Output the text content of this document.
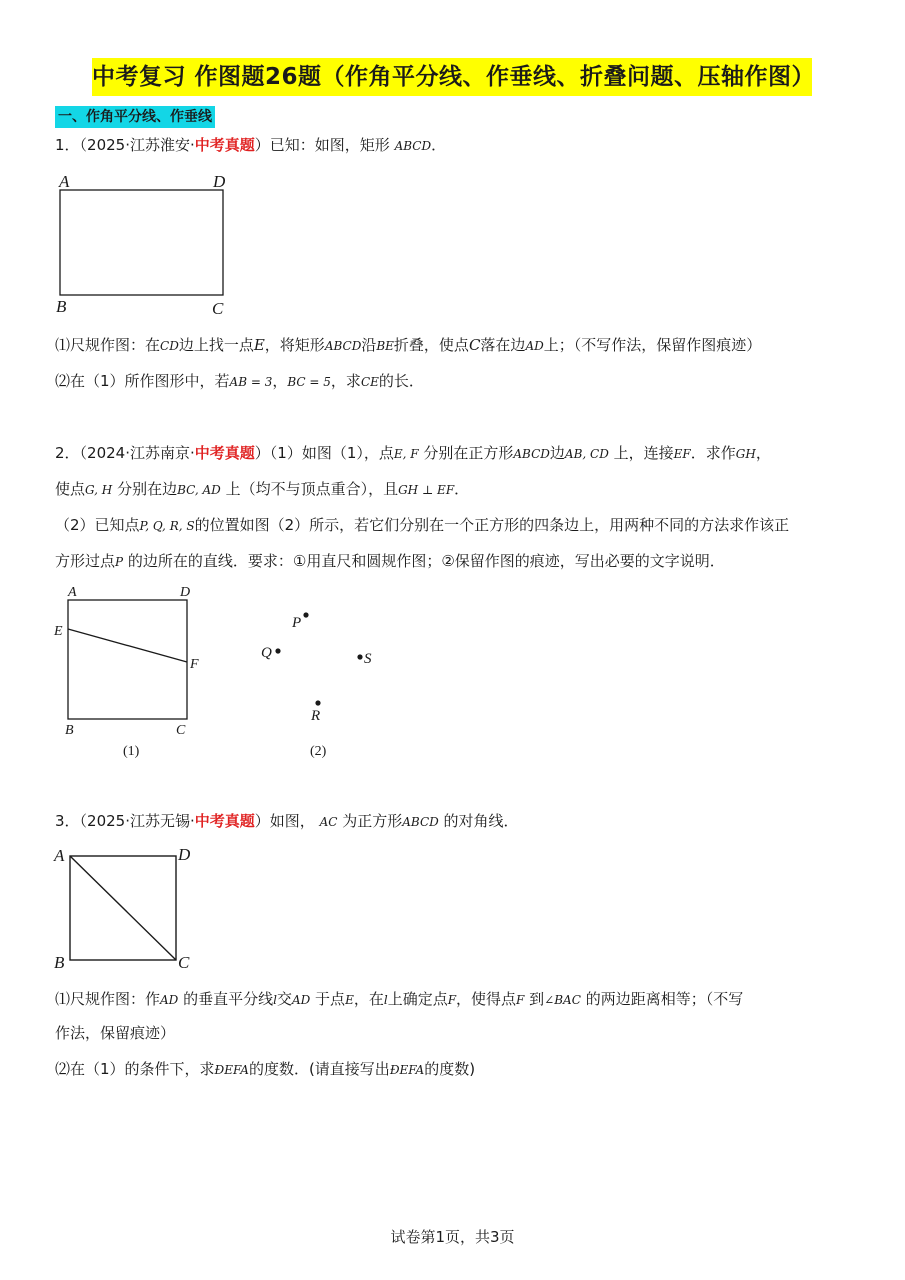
中考复习 作图题26题（作角平分线、作垂线、折叠问题、压轴作图）
一、作角平分线、作垂线
1．（2025·江苏淮安·中考真题）已知：如图，矩形 ABCD．
A	D
B	C
⑴尺规作图：在CD边上找一点E，将矩形ABCD沿BE折叠，使点C落在边AD上；（不写作法，保留作图痕迹）
⑵在（1）所作图形中，若AB = 3，BC = 5，求CE的长．
2．（2024·江苏南京·中考真题）（1）如图（1），点E, F 分别在正方形ABCD边AB, CD 上，连接EF．求作GH，
使点G, H 分别在边BC, AD 上（均不与顶点重合），且GH ⊥ EF．
（2）已知点P, Q, R, S的位置如图（2）所示，若它们分别在一个正方形的四条边上，用两种不同的方法求作该正
方形过点P 的边所在的直线．要求：①用直尺和圆规作图；②保留作图的痕迹，写出必要的文字说明．
A	D
E
F
B	C
(1)
P
Q	S
R
(2)
3．（2025·江苏无锡·中考真题）如图， AC 为正方形ABCD 的对角线．
A	D
B	C
⑴尺规作图：作AD 的垂直平分线l交AD 于点E，在l上确定点F，使得点F 到∠BAC 的两边距离相等；（不写
作法，保留痕迹）
⑵在（1）的条件下，求ÐEFA的度数．(请直接写出ÐEFA的度数)
试卷第1页，共3页
